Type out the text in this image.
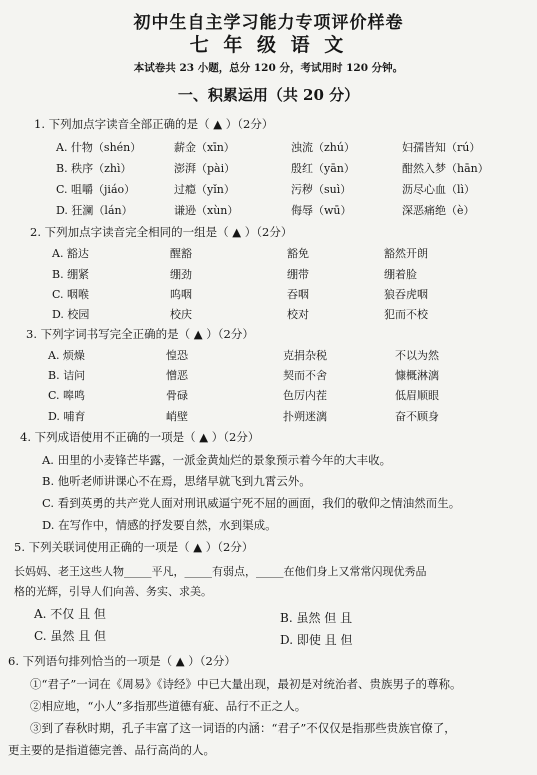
初中生自主学习能力专项评价样卷
七 年 级 语 文
本试卷共 23 小题，总分 120 分，考试用时 120 分钟。
一、积累运用（共 20 分）
1. 下列加点字读音全部正确的是（ ▲ ）（2分）
A. 什物（shén）	薪金（xīn）	浊流（zhú）	妇孺皆知（rú）
B. 秩序（zhì）	澎湃（pài）	殷红（yān）	酣然入梦（hān）
C. 咀嚼（jiáo）	过瘾（yǐn）	污秽（suì）	沥尽心血（lì）
D. 狂澜（lán）	谦逊（xùn）	侮辱（wū）	深恶痛绝（è）
2. 下列加点字读音完全相同的一组是（ ▲ ）（2分）
A. 豁达	醒豁	豁免	豁然开朗
B. 绷紧	绷劲	绷带	绷着脸
C. 咽喉	呜咽	吞咽	狼吞虎咽
D. 校园	校庆	校对	犯而不校
3. 下列字词书写完全正确的是（ ▲ ）（2分）
A. 烦燥	惶恐	克捐杂税	不以为然
B. 诘问	憎恶	契而不舍	慷概淋漓
C. 嗥鸣	骨碌	色厉内茬	低眉顺眼
D. 哺育	峭壁	扑朔迷漓	奋不顾身
4. 下列成语使用不正确的一项是（ ▲ ）（2分）
A. 田里的小麦锋芒毕露，一派金黄灿烂的景象预示着今年的大丰收。
B. 他听老师讲课心不在焉，思绪早就飞到九霄云外。
C. 看到英勇的共产党人面对刑讯威逼宁死不屈的画面，我们的敬仰之情油然而生。
D. 在写作中，情感的抒发要自然，水到渠成。
5. 下列关联词使用正确的一项是（ ▲ ）（2分）
长妈妈、老王这些人物_____平凡，_____有弱点，_____在他们身上又常常闪现优秀品
格的光辉，引导人们向善、务实、求美。
A. 不仅 且 但	B. 虽然 但 且
C. 虽然 且 但	D. 即使 且 但
6. 下列语句排列恰当的一项是（ ▲ ）（2分）
①“君子”一词在《周易》《诗经》中已大量出现，最初是对统治者、贵族男子的尊称。
②相应地，“小人”多指那些道德有疵、品行不正之人。
③到了春秋时期，孔子丰富了这一词语的内涵：“君子”不仅仅是指那些贵族官僚了，
更主要的是指道德完善、品行高尚的人。
